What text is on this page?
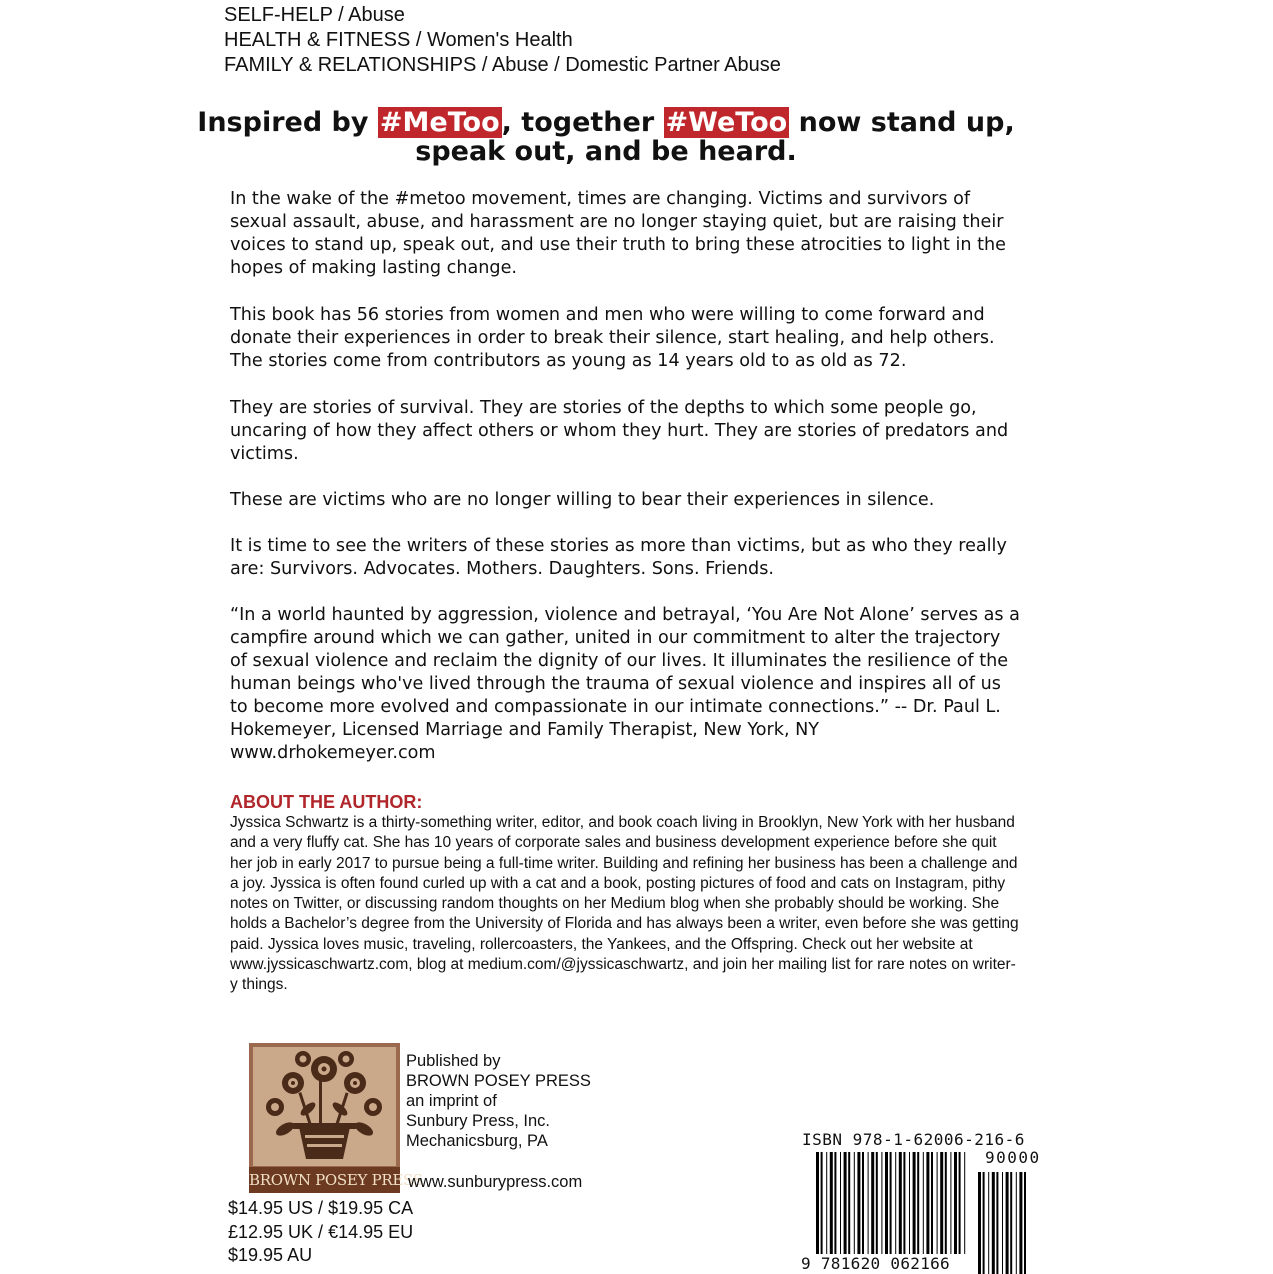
SELF-HELP / Abuse
HEALTH & FITNESS / Women's Health
FAMILY & RELATIONSHIPS / Abuse / Domestic Partner Abuse
Inspired by #MeToo, together #WeToo now stand up,
speak out, and be heard.

In the wake of the #metoo movement, times are changing. Victims and survivors of sexual assault, abuse, and harassment are no longer staying quiet, but are raising their voices to stand up, speak out, and use their truth to bring these atrocities to light in the hopes of making lasting change.

This book has 56 stories from women and men who were willing to come forward and donate their experiences in order to break their silence, start healing, and help others. The stories come from contributors as young as 14 years old to as old as 72.

They are stories of survival. They are stories of the depths to which some people go, uncaring of how they affect others or whom they hurt. They are stories of predators and victims.

These are victims who are no longer willing to bear their experiences in silence.

It is time to see the writers of these stories as more than victims, but as who they really are: Survivors. Advocates. Mothers. Daughters. Sons. Friends.

“In a world haunted by aggression, violence and betrayal, ‘You Are Not Alone’ serves as a campfire around which we can gather, united in our commitment to alter the trajectory of sexual violence and reclaim the dignity of our lives. It illuminates the resilience of the human beings who've lived through the trauma of sexual violence and inspires all of us to become more evolved and compassionate in our intimate connections.” -- Dr. Paul L. Hokemeyer, Licensed Marriage and Family Therapist, New York, NY www.drhokemeyer.com

ABOUT THE AUTHOR:
Jyssica Schwartz is a thirty-something writer, editor, and book coach living in Brooklyn, New York with her husband and a very fluffy cat. She has 10 years of corporate sales and business development experience before she quit her job in early 2017 to pursue being a full-time writer. Building and refining her business has been a challenge and a joy. Jyssica is often found curled up with a cat and a book, posting pictures of food and cats on Instagram, pithy notes on Twitter, or discussing random thoughts on her Medium blog when she probably should be working. She holds a Bachelor’s degree from the University of Florida and has always been a writer, even before she was getting paid. Jyssica loves music, traveling, rollercoasters, the Yankees, and the Offspring. Check out her website at www.jyssicaschwartz.com, blog at medium.com/@jyssicaschwartz, and join her mailing list for rare notes on writer-y things.
BROWN POSEY PRESS
Published by
BROWN POSEY PRESS
an imprint of
Sunbury Press, Inc.
Mechanicsburg, PA
www.sunburypress.com
$14.95 US / $19.95 CA
£12.95 UK / €14.95 EU
$19.95 AU
ISBN 978-1-62006-216-6
90000
9 781620 062166
